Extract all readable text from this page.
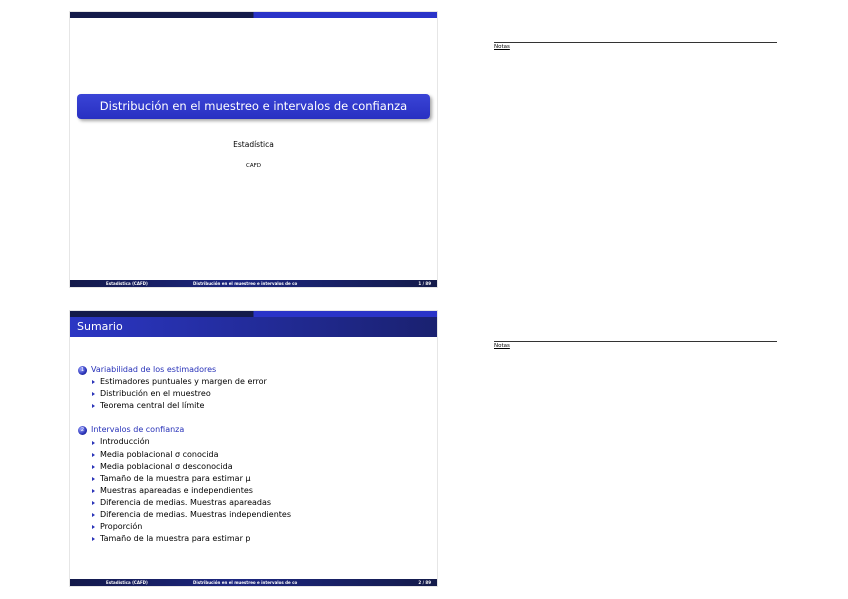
Distribución en el muestreo e intervalos de confianza
Estadística
CAFD
Estadística (CAFD)	Distribución en el muestreo e intervalos de co	1 / 89
Notas
Sumario
1 Variabilidad de los estimadores
Estimadores puntuales y margen de error
Distribución en el muestreo
Teorema central del límite
2 Intervalos de confianza
Introducción
Media poblacional σ conocida
Media poblacional σ desconocida
Tamaño de la muestra para estimar μ
Muestras apareadas e independientes
Diferencia de medias. Muestras apareadas
Diferencia de medias. Muestras independientes
Proporción
Tamaño de la muestra para estimar p
Estadística (CAFD)	Distribución en el muestreo e intervalos de co	2 / 89
Notas
